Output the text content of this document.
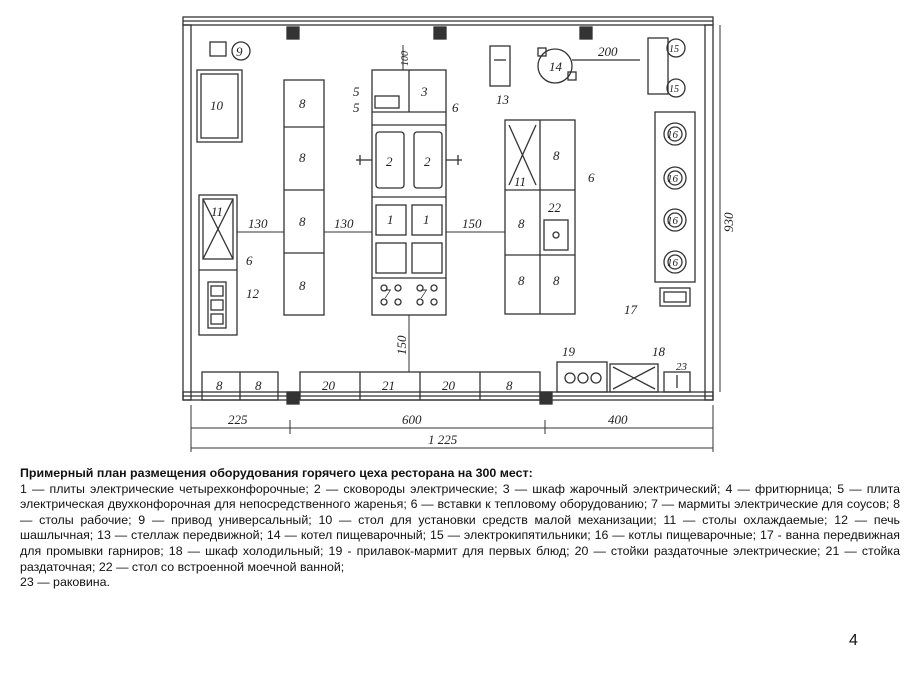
9
10	8
8
8
8
11
6
12
5
5
3
6
2 2
1 1
7 7
13
14
15
15
8
11	6
22
8
8 8
16
16
16
16
17
19	18
23
8	8	20	21	20	8
130	130	150
150
100	200
930
225	600	400
1 225
Примерный план размещения оборудования горячего цеха ресторана на 300 мест:
1 — плиты электрические четырехконфорочные; 2 — сковороды электрические; 3 — шкаф жарочный электрический; 4 — фритюрница; 5 — плита электрическая двухконфорочная для непосредственного жаренья; 6 — вставки к тепловому оборудованию; 7 — мармиты электрические для соусов; 8 — столы рабочие; 9 — привод универсальный; 10 — стол для установки средств малой механизации; 11 — столы охлаждаемые; 12 — печь шашлычная; 13 — стеллаж передвижной; 14 — котел пищеварочный; 15 — электрокипятильники; 16 — котлы пищеварочные; 17 - ванна передвижная для промывки гарниров; 18 — шкаф холодильный; 19 - прилавок-мармит для первых блюд; 20 — стойки раздаточные электрические; 21 — стойка раздаточная; 22 — стол со встроенной моечной ванной;
23 — раковина.
4
